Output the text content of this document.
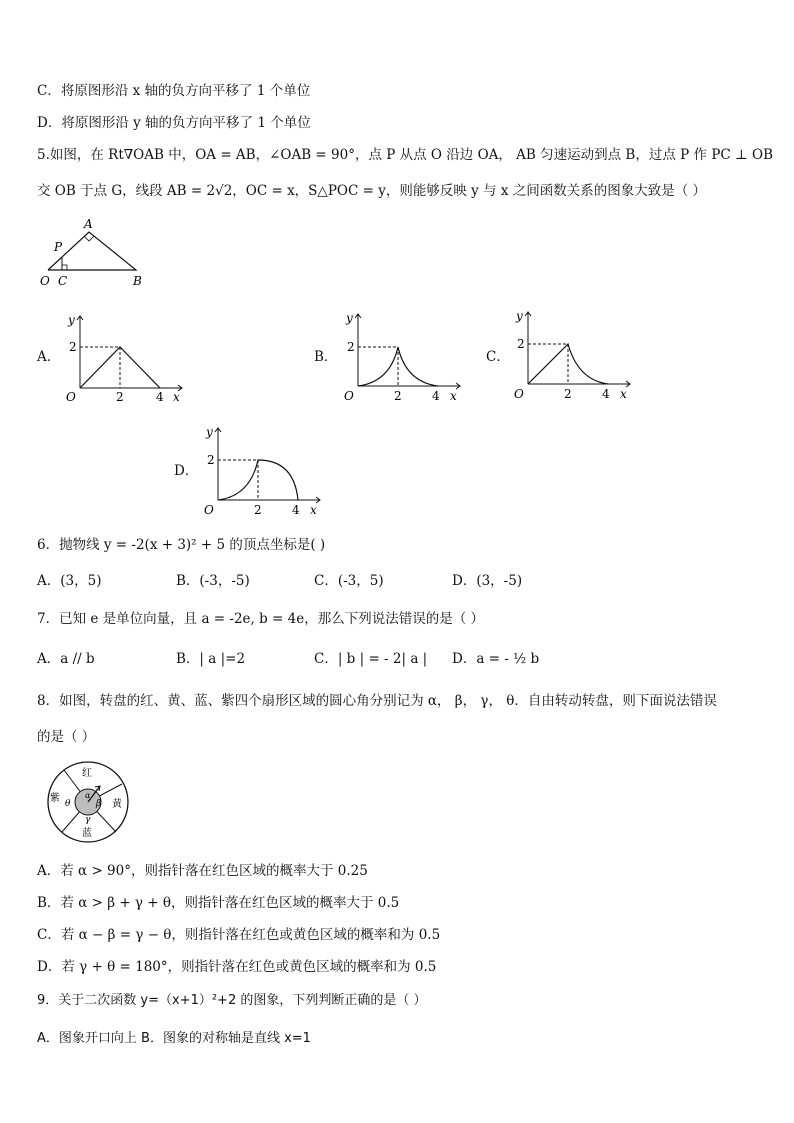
C．将原图形沿 x 轴的负方向平移了 1 个单位
D．将原图形沿 y 轴的负方向平移了 1 个单位
5.如图，在 Rt∇OAB 中，OA = AB，∠OAB = 90°，点 P 从点 O 沿边 OA， AB 匀速运动到点 B，过点 P 作 PC ⊥ OB
交 OB 于点 G，线段 AB = 2√2，OC = x，S△POC = y，则能够反映 y 与 x 之间函数关系的图象大致是（ ）
A
P
O C	B
A．
y
2
O	2	4 x
B．
y
2
O	2	4 x
C．
y
2
O	2	4 x
D．
y
2
O	2	4 x
6．抛物线 y = -2(x + 3)² + 5 的顶点坐标是( )
A．(3，5)	B．(-3，-5)	C．(-3，5)	D．(3，-5)
7．已知 e 是单位向量，且 a = -2e, b = 4e，那么下列说法错误的是（ ）
A．a // b	B．| a |=2	C．| b | = - 2| a | D．a = - ½ b
8．如图，转盘的红、黄、蓝、紫四个扇形区域的圆心角分别记为 α， β， γ， θ．自由转动转盘，则下面说法错误
的是（ ）
红
黄
蓝
紫	α
β
γ
θ
A．若 α > 90°，则指针落在红色区域的概率大于 0.25
B．若 α > β + γ + θ，则指针落在红色区域的概率大于 0.5
C．若 α − β = γ − θ，则指针落在红色或黄色区域的概率和为 0.5
D．若 γ + θ = 180°，则指针落在红色或黄色区域的概率和为 0.5
9．关于二次函数 y=（x+1）²+2 的图象，下列判断正确的是（ ）
A．图象开口向上 B．图象的对称轴是直线 x=1
